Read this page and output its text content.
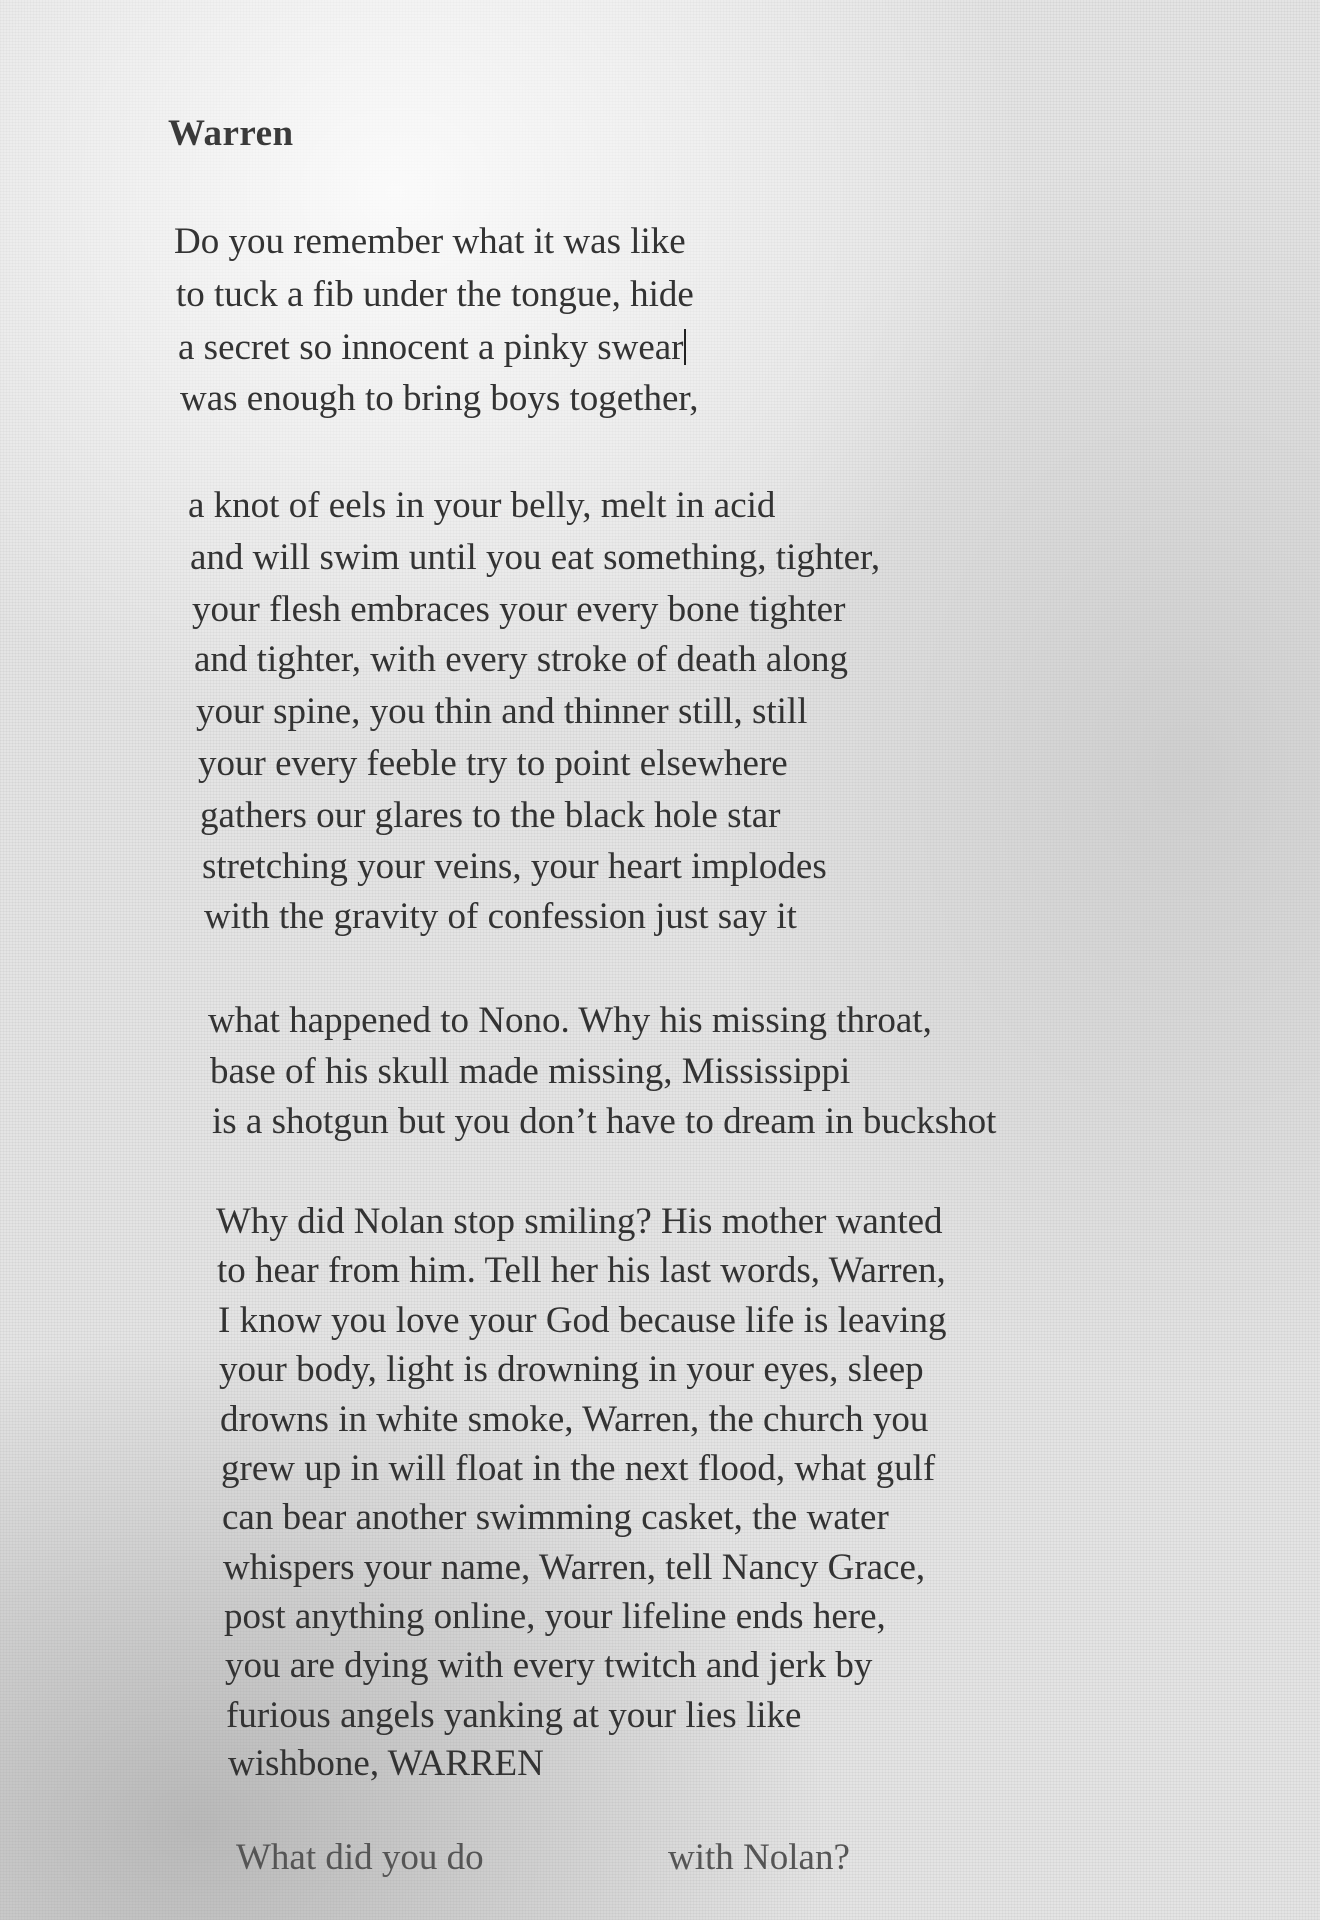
Warren
Do you remember what it was like
to tuck a fib under the tongue, hide
a secret so innocent a pinky swear
was enough to bring boys together,
a knot of eels in your belly, melt in acid
and will swim until you eat something, tighter,
your flesh embraces your every bone tighter
and tighter, with every stroke of death along
your spine, you thin and thinner still, still
your every feeble try to point elsewhere
gathers our glares to the black hole star
stretching your veins, your heart implodes
with the gravity of confession just say it
what happened to Nono. Why his missing throat,
base of his skull made missing, Mississippi
is a shotgun but you don’t have to dream in buckshot
Why did Nolan stop smiling? His mother wanted
to hear from him. Tell her his last words, Warren,
I know you love your God because life is leaving
your body, light is drowning in your eyes, sleep
drowns in white smoke, Warren, the church you
grew up in will float in the next flood, what gulf
can bear another swimming casket, the water
whispers your name, Warren, tell Nancy Grace,
post anything online, your lifeline ends here,
you are dying with every twitch and jerk by
furious angels yanking at your lies like
wishbone, WARREN
What did you do	with Nolan?
